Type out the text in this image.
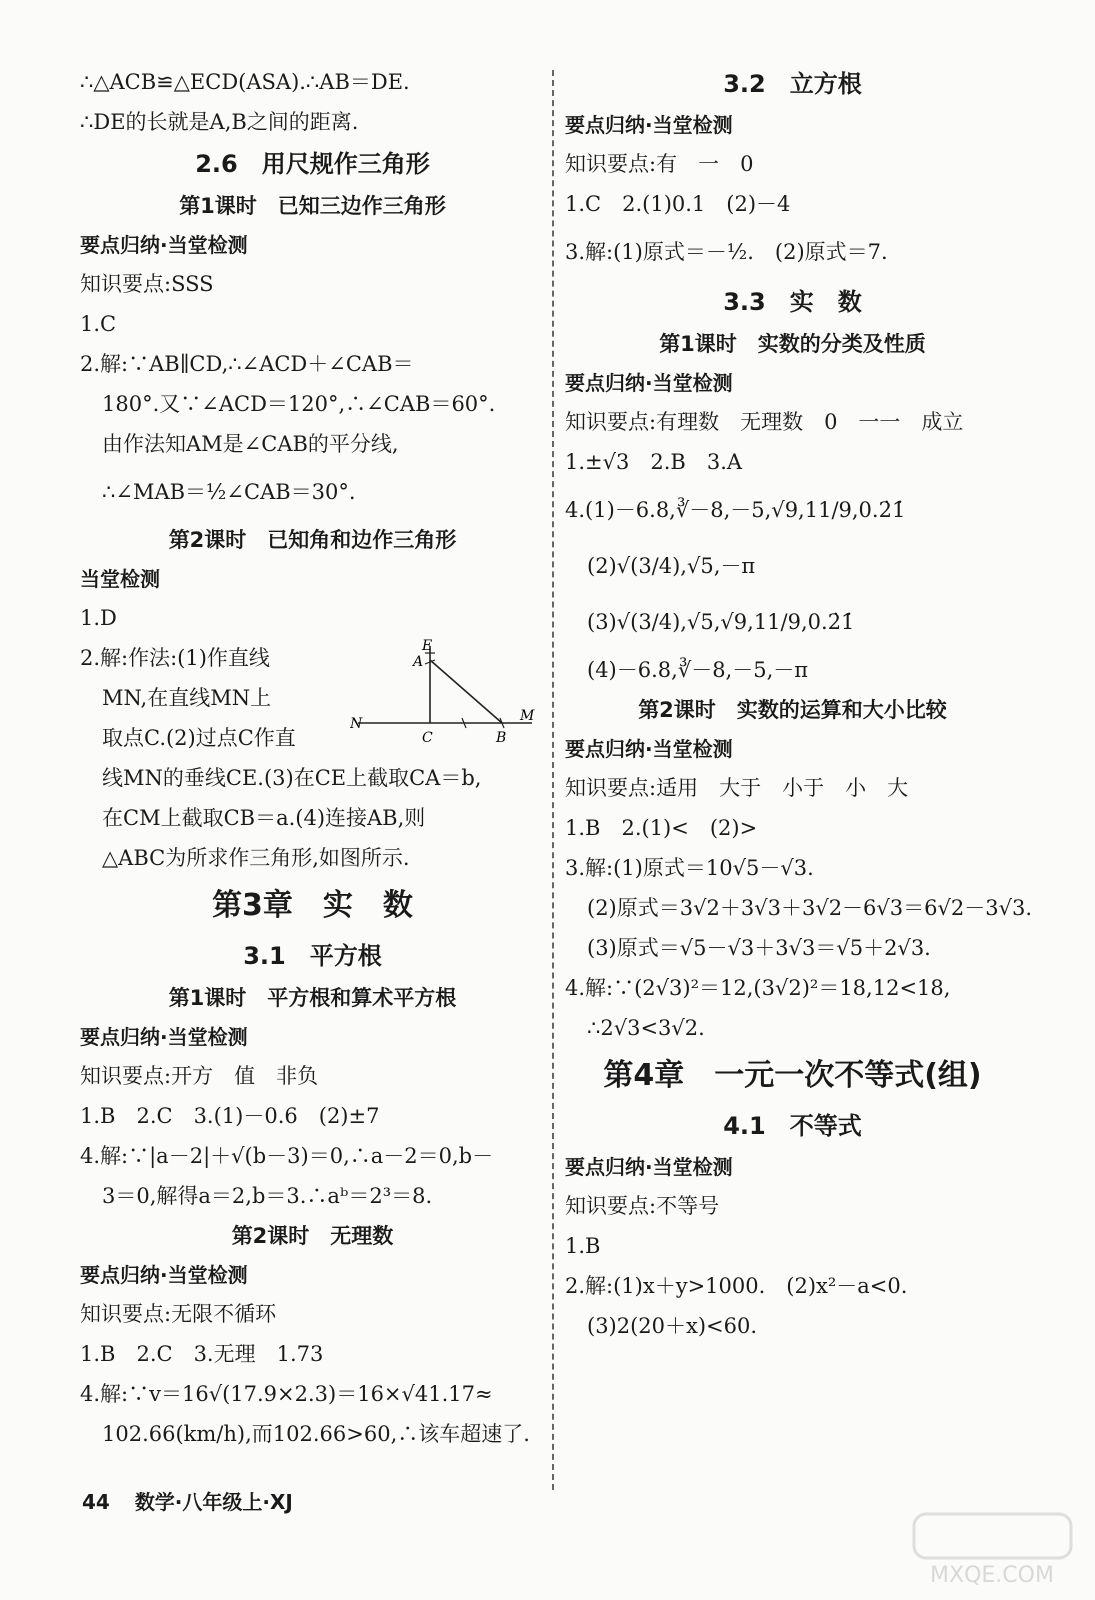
∴△ACB≌△ECD(ASA).∴AB＝DE.
∴DE的长就是A,B之间的距离.
2.6　用尺规作三角形
第1课时　已知三边作三角形
要点归纳·当堂检测
知识要点:SSS
1.C
2.解:∵AB∥CD,∴∠ACD＋∠CAB＝
180°.又∵∠ACD＝120°,∴∠CAB＝60°.
由作法知AM是∠CAB的平分线,
∴∠MAB＝½∠CAB＝30°.
第2课时　已知角和边作三角形
当堂检测
1.D
2.解:作法:(1)作直线
MN,在直线MN上
取点C.(2)过点C作直
E
A
N
C	B
M
线MN的垂线CE.(3)在CE上截取CA＝b,
在CM上截取CB＝a.(4)连接AB,则
△ABC为所求作三角形,如图所示.
第3章　实　数
3.1　平方根
第1课时　平方根和算术平方根
要点归纳·当堂检测
知识要点:开方　值　非负
1.B　2.C　3.(1)－0.6　(2)±7
4.解:∵|a－2|＋√(b－3)＝0,∴a－2＝0,b－
3＝0,解得a＝2,b＝3.∴aᵇ＝2³＝8.
第2课时　无理数
要点归纳·当堂检测
知识要点:无限不循环
1.B　2.C　3.无理　1.73
4.解:∵v＝16√(17.9×2.3)＝16×√41.17≈
102.66(km/h),而102.66>60,∴该车超速了.
3.2　立方根
要点归纳·当堂检测
知识要点:有　一　0
1.C　2.(1)0.1　(2)－4
3.解:(1)原式＝－½.　(2)原式＝7.
3.3　实　数
第1课时　实数的分类及性质
要点归纳·当堂检测
知识要点:有理数　无理数　0　一一　成立
1.±√3　2.B　3.A
4.(1)－6.8,∛－8,－5,√9,11/9,0.2̇1̇
(2)√(3/4),√5,－π
(3)√(3/4),√5,√9,11/9,0.2̇1̇
(4)－6.8,∛－8,－5,－π
第2课时　实数的运算和大小比较
要点归纳·当堂检测
知识要点:适用　大于　小于　小　大
1.B　2.(1)<　(2)>
3.解:(1)原式＝10√5－√3.
(2)原式＝3√2＋3√3＋3√2－6√3＝6√2－3√3.
(3)原式＝√5－√3＋3√3＝√5＋2√3.
4.解:∵(2√3)²＝12,(3√2)²＝18,12<18,
∴2√3<3√2.
第4章　一元一次不等式(组)
4.1　不等式
要点归纳·当堂检测
知识要点:不等号
1.B
2.解:(1)x＋y>1000.　(2)x²－a<0.
(3)2(20＋x)<60.
44 数学·八年级上·XJ
MXQE.COM
